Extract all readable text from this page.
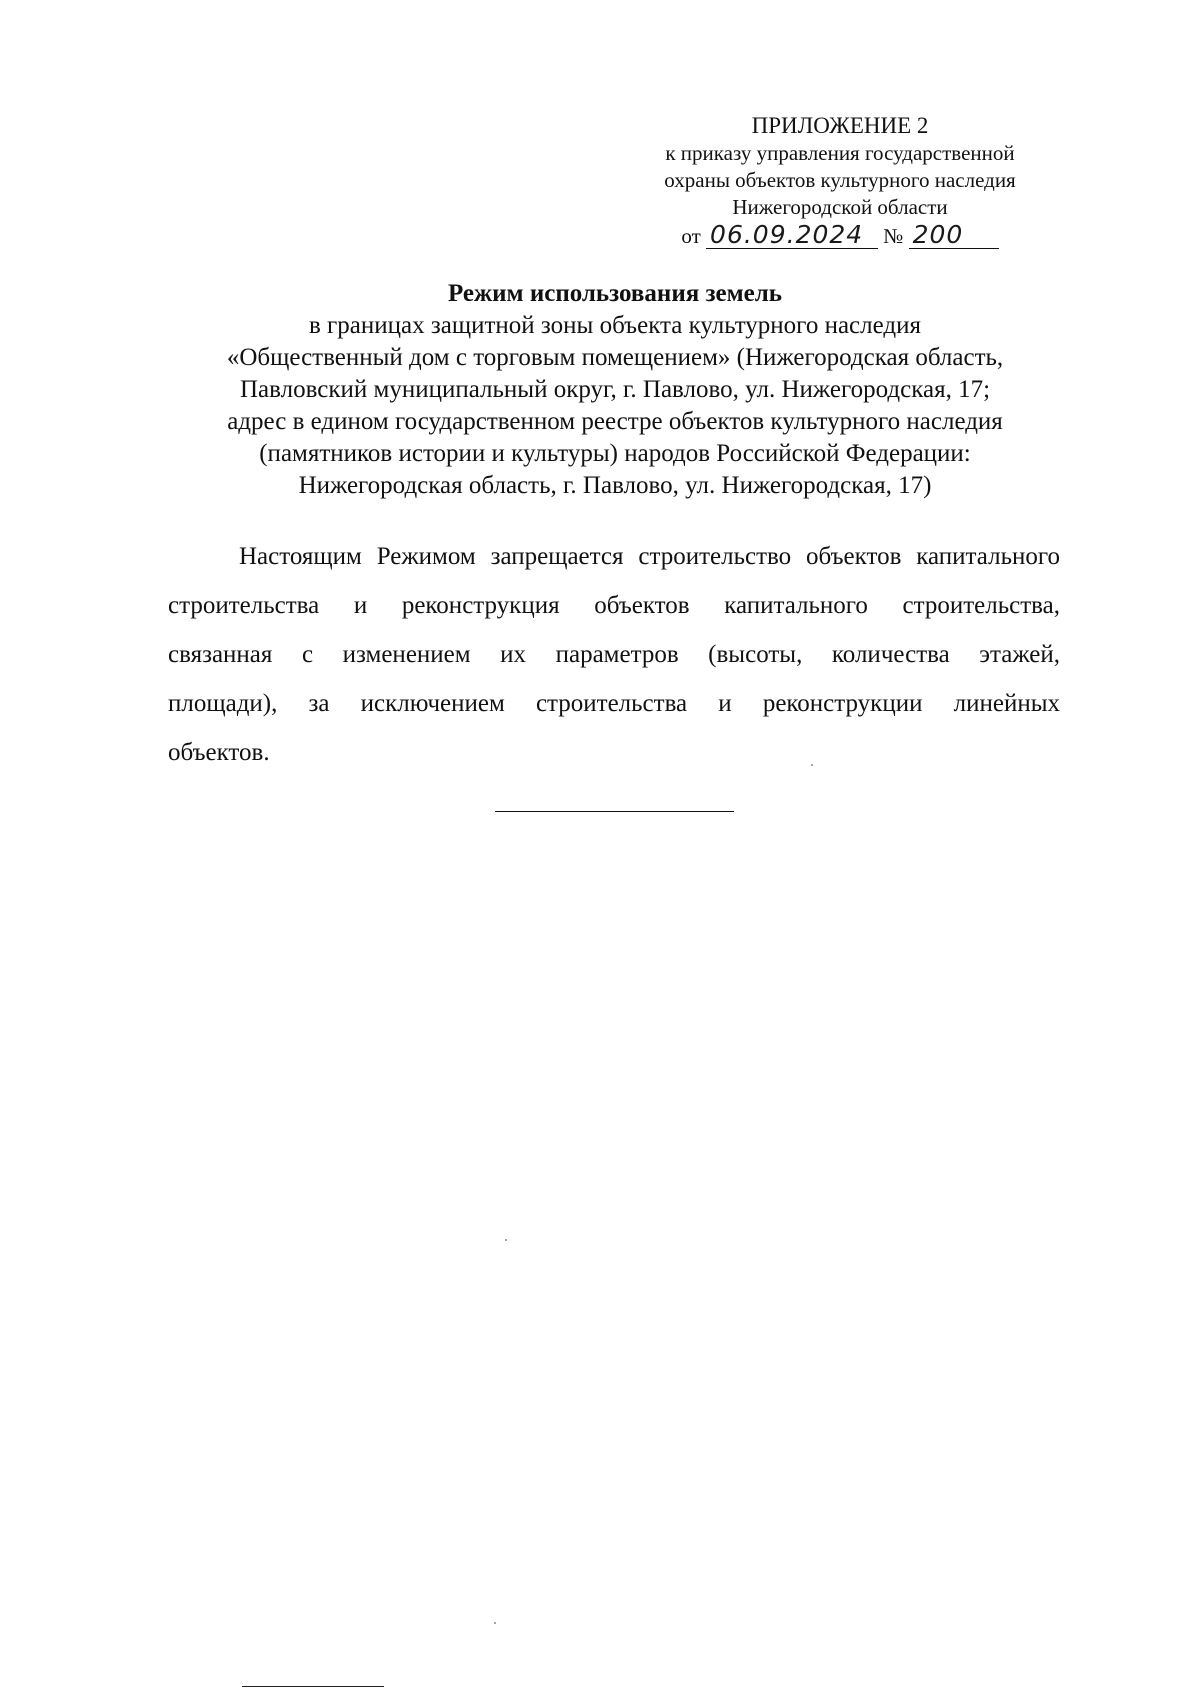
ПРИЛОЖЕНИЕ 2
к приказу управления государственной
охраны объектов культурного наследия
Нижегородской области
от 06.09.2024 № 200
Режим использования земель
в границах защитной зоны объекта культурного наследия
«Общественный дом с торговым помещением» (Нижегородская область,
Павловский муниципальный округ, г. Павлово, ул. Нижегородская, 17;
адрес в едином государственном реестре объектов культурного наследия
(памятников истории и культуры) народов Российской Федерации:
Нижегородская область, г. Павлово, ул. Нижегородская, 17)
Настоящим Режимом запрещается строительство объектов капитального строительства и реконструкция объектов капитального строительства, связанная с изменением их параметров (высоты, количества этажей, площади), за исключением строительства и реконструкции линейных объектов.
